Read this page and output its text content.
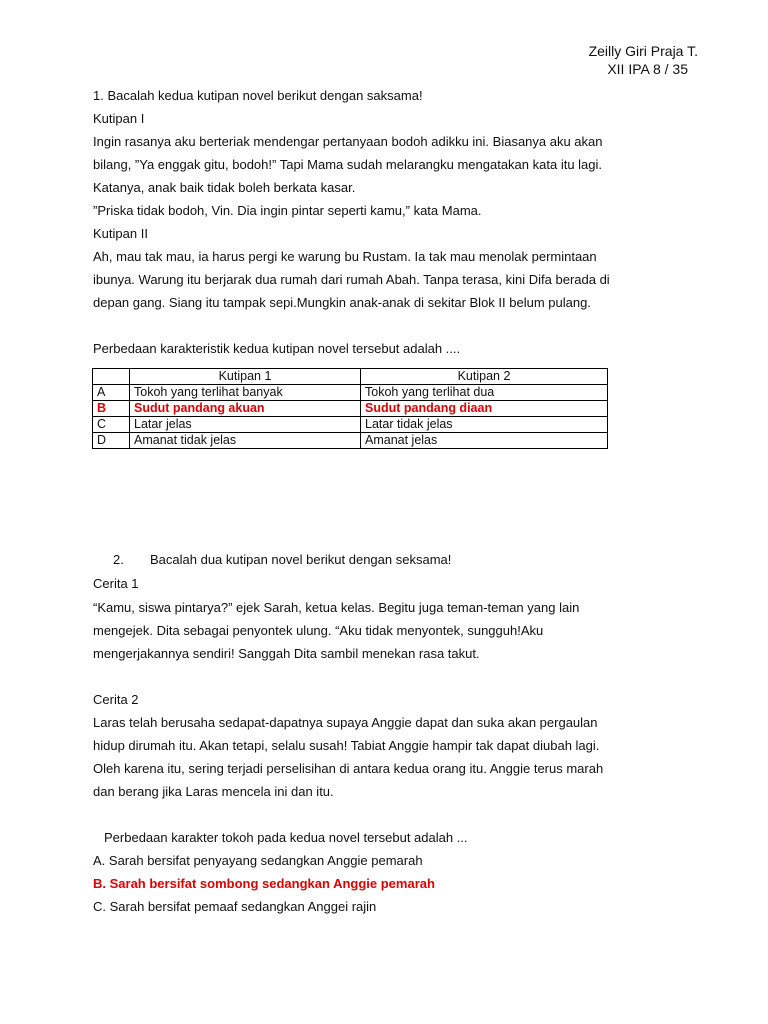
Zeilly Giri Praja T.
XII IPA 8 / 35
1. Bacalah kedua kutipan novel berikut dengan saksama!
Kutipan I
Ingin rasanya aku berteriak mendengar pertanyaan bodoh adikku ini. Biasanya aku akan
bilang, ”Ya enggak gitu, bodoh!” Tapi Mama sudah melarangku mengatakan kata itu lagi.
Katanya, anak baik tidak boleh berkata kasar.
”Priska tidak bodoh, Vin. Dia ingin pintar seperti kamu,” kata Mama.
Kutipan II
Ah, mau tak mau, ia harus pergi ke warung bu Rustam. Ia tak mau menolak permintaan
ibunya. Warung itu berjarak dua rumah dari rumah Abah. Tanpa terasa, kini Difa berada di
depan gang. Siang itu tampak sepi.Mungkin anak-anak di sekitar Blok II belum pulang.
Perbedaan karakteristik kedua kutipan novel tersebut adalah ....
	Kutipan 1	Kutipan 2
A	Tokoh yang terlihat banyak	Tokoh yang terlihat dua
B	Sudut pandang akuan	Sudut pandang diaan
C	Latar jelas	Latar tidak jelas
D	Amanat tidak jelas	Amanat jelas
2. Bacalah dua kutipan novel berikut dengan seksama!
Cerita 1
“Kamu, siswa pintarya?” ejek Sarah, ketua kelas. Begitu juga teman-teman yang lain
mengejek. Dita sebagai penyontek ulung. “Aku tidak menyontek, sungguh!Aku
mengerjakannya sendiri! Sanggah Dita sambil menekan rasa takut.
Cerita 2
Laras telah berusaha sedapat-dapatnya supaya Anggie dapat dan suka akan pergaulan
hidup dirumah itu. Akan tetapi, selalu susah! Tabiat Anggie hampir tak dapat diubah lagi.
Oleh karena itu, sering terjadi perselisihan di antara kedua orang itu. Anggie terus marah
dan berang jika Laras mencela ini dan itu.
Perbedaan karakter tokoh pada kedua novel tersebut adalah ...
A. Sarah bersifat penyayang sedangkan Anggie pemarah
B. Sarah bersifat sombong sedangkan Anggie pemarah
C. Sarah bersifat pemaaf sedangkan Anggei rajin
